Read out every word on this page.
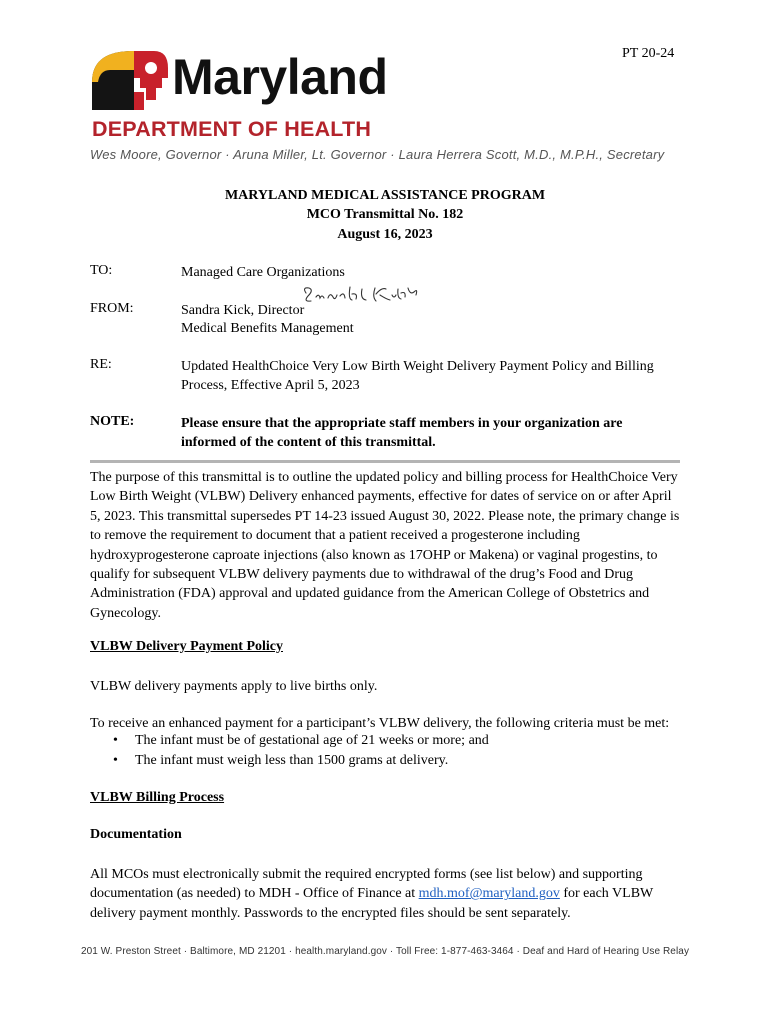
PT 20-24
Maryland
DEPARTMENT OF HEALTH
Wes Moore, Governor · Aruna Miller, Lt. Governor · Laura Herrera Scott, M.D., M.P.H., Secretary
MARYLAND MEDICAL ASSISTANCE PROGRAM
MCO Transmittal No. 182
August 16, 2023
TO:	Managed Care Organizations
FROM:	Sandra Kick, Director
Medical Benefits Management
RE:	Updated HealthChoice Very Low Birth Weight Delivery Payment Policy and Billing Process, Effective April 5, 2023
NOTE:	Please ensure that the appropriate staff members in your organization are informed of the content of this transmittal.
The purpose of this transmittal is to outline the updated policy and billing process for HealthChoice Very Low Birth Weight (VLBW) Delivery enhanced payments, effective for dates of service on or after April 5, 2023. This transmittal supersedes PT 14-23 issued August 30, 2022. Please note, the primary change is to remove the requirement to document that a patient received a progesterone including hydroxyprogesterone caproate injections (also known as 17OHP or Makena) or vaginal progestins, to qualify for subsequent VLBW delivery payments due to withdrawal of the drug’s Food and Drug Administration (FDA) approval and updated guidance from the American College of Obstetrics and Gynecology.
VLBW Delivery Payment Policy
VLBW delivery payments apply to live births only.
To receive an enhanced payment for a participant’s VLBW delivery, the following criteria must be met:
• The infant must be of gestational age of 21 weeks or more; and
• The infant must weigh less than 1500 grams at delivery.
VLBW Billing Process
Documentation
All MCOs must electronically submit the required encrypted forms (see list below) and supporting documentation (as needed) to MDH - Office of Finance at mdh.mof@maryland.gov for each VLBW delivery payment monthly. Passwords to the encrypted files should be sent separately.
201 W. Preston Street · Baltimore, MD 21201 · health.maryland.gov · Toll Free: 1-877-463-3464 · Deaf and Hard of Hearing Use Relay
